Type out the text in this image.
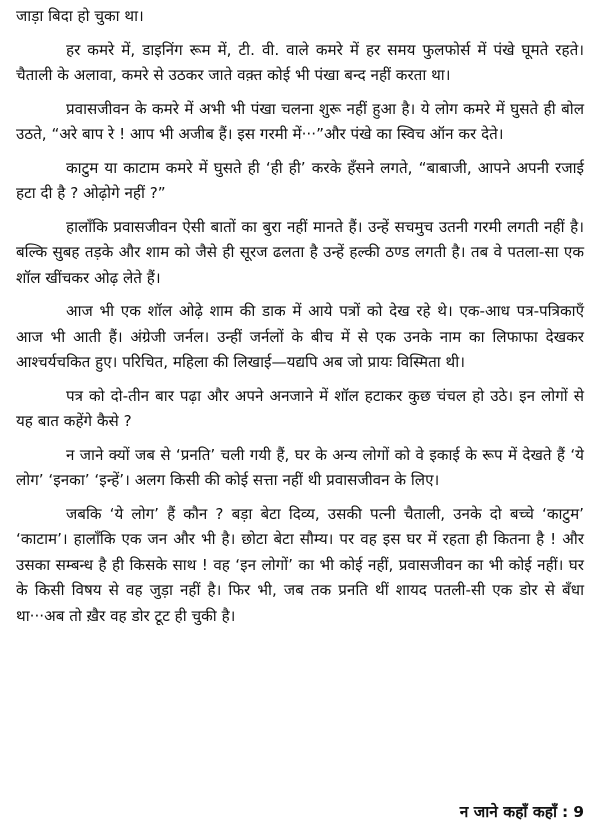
जाड़ा बिदा हो चुका था।

हर कमरे में, डाइनिंग रूम में, टी. वी. वाले कमरे में हर समय फुलफोर्स में पंखे घूमते रहते। चैताली के अलावा, कमरे से उठकर जाते वक़्त कोई भी पंखा बन्द नहीं करता था।

प्रवासजीवन के कमरे में अभी भी पंखा चलना शुरू नहीं हुआ है। ये लोग कमरे में घुसते ही बोल उठते, “अरे बाप रे ! आप भी अजीब हैं। इस गरमी में···”और पंखे का स्विच ऑन कर देते।

काटुम या काटाम कमरे में घुसते ही ‘ही ही’ करके हँसने लगते, “बाबाजी, आपने अपनी रजाई हटा दी है ? ओढ़ोगे नहीं ?”

हालाँकि प्रवासजीवन ऐसी बातों का बुरा नहीं मानते हैं। उन्हें सचमुच उतनी गरमी लगती नहीं है। बल्कि सुबह तड़के और शाम को जैसे ही सूरज ढलता है उन्हें हल्की ठण्ड लगती है। तब वे पतला-सा एक शॉल खींचकर ओढ़ लेते हैं।

आज भी एक शॉल ओढ़े शाम की डाक में आये पत्रों को देख रहे थे। एक-आध पत्र-पत्रिकाएँ आज भी आती हैं। अंग्रेजी जर्नल। उन्हीं जर्नलों के बीच में से एक उनके नाम का लिफाफा देखकर आश्चर्यचकित हुए। परिचित, महिला की लिखाई—यद्यपि अब जो प्रायः विस्मिता थी।

पत्र को दो-तीन बार पढ़ा और अपने अनजाने में शॉल हटाकर कुछ चंचल हो उठे। इन लोगों से यह बात कहेंगे कैसे ?

न जाने क्यों जब से ‘प्रनति’ चली गयी हैं, घर के अन्य लोगों को वे इकाई के रूप में देखते हैं ‘ये लोग’ ‘इनका’ ‘इन्हें’। अलग किसी की कोई सत्ता नहीं थी प्रवासजीवन के लिए।

जबकि ‘ये लोग’ हैं कौन ? बड़ा बेटा दिव्य, उसकी पत्नी चैताली, उनके दो बच्चे ‘काटुम’ ‘काटाम’। हालाँकि एक जन और भी है। छोटा बेटा सौम्य। पर वह इस घर में रहता ही कितना है ! और उसका सम्बन्ध है ही किसके साथ ! वह ‘इन लोगों’ का भी कोई नहीं, प्रवासजीवन का भी कोई नहीं। घर के किसी विषय से वह जुड़ा नहीं है। फिर भी, जब तक प्रनति थीं शायद पतली-सी एक डोर से बँधा था···अब तो ख़ैर वह डोर टूट ही चुकी है।

न जाने कहाँ कहाँ : 9
